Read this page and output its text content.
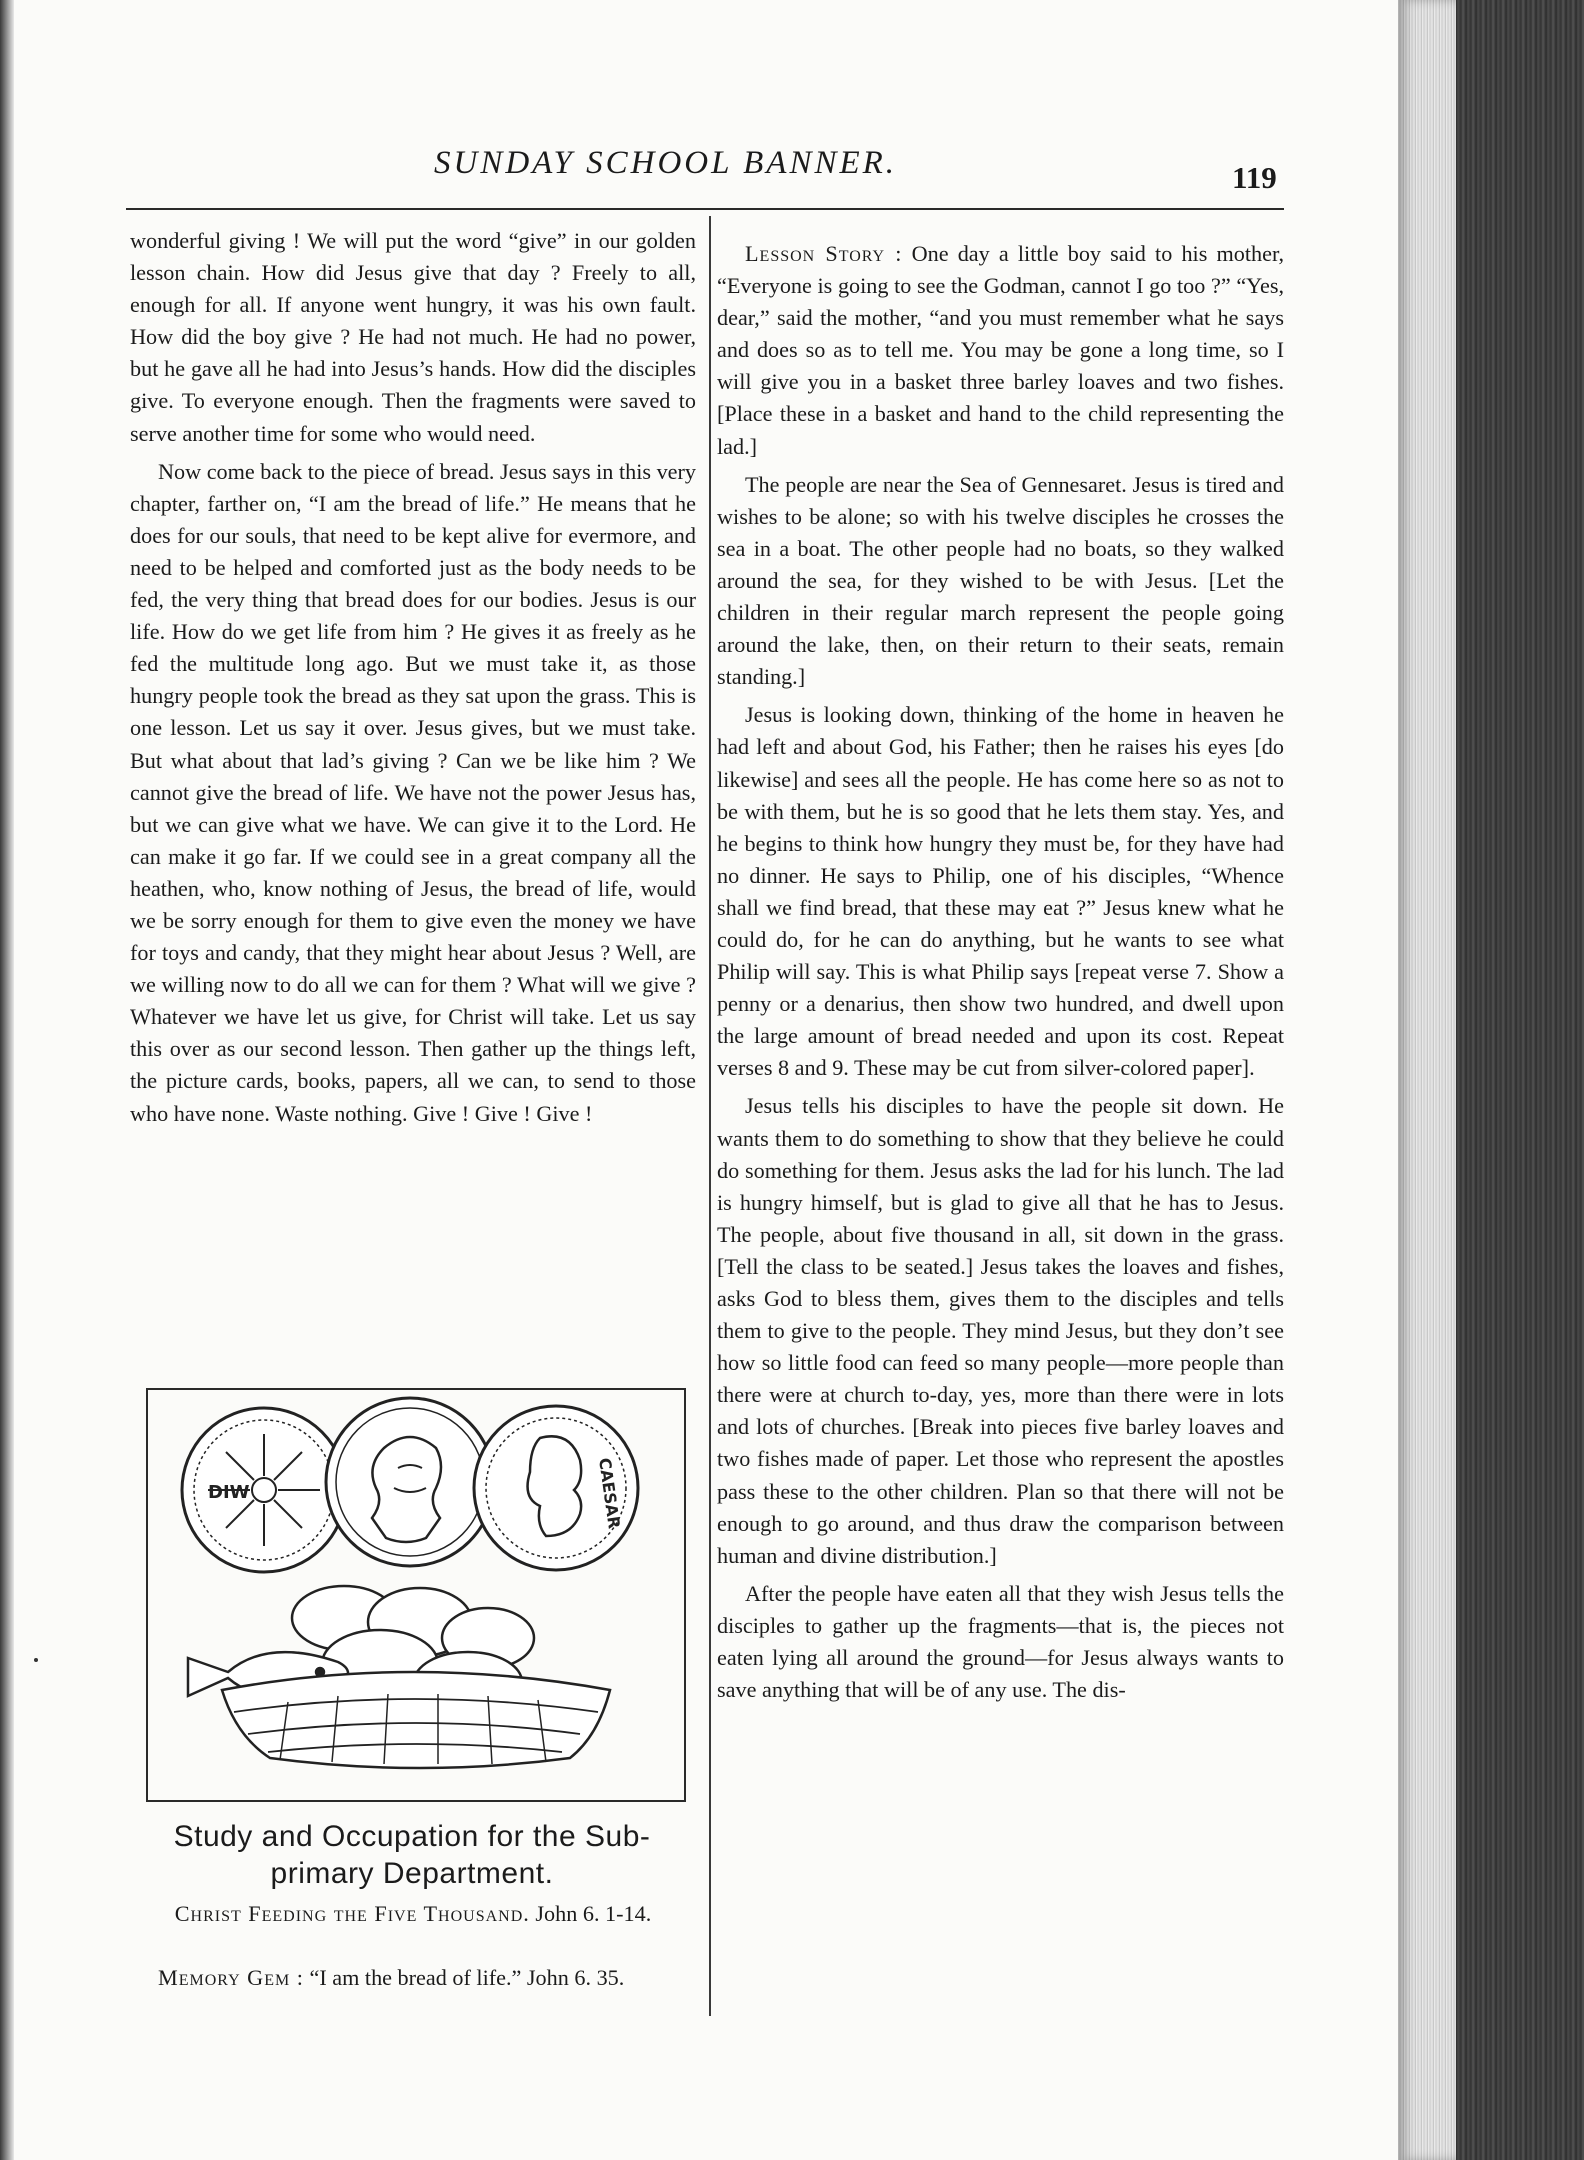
SUNDAY SCHOOL BANNER.	119

wonderful giving ! We will put the word “give” in our golden lesson chain. How did Jesus give that day ? Freely to all, enough for all. If anyone went hungry, it was his own fault. How did the boy give ? He had not much. He had no power, but he gave all he had into Jesus’s hands. How did the disciples give. To everyone enough. Then the fragments were saved to serve another time for some who would need.

Now come back to the piece of bread. Jesus says in this very chapter, farther on, “I am the bread of life.” He means that he does for our souls, that need to be kept alive for evermore, and need to be helped and comforted just as the body needs to be fed, the very thing that bread does for our bodies. Jesus is our life. How do we get life from him ? He gives it as freely as he fed the multitude long ago. But we must take it, as those hungry people took the bread as they sat upon the grass. This is one lesson. Let us say it over. Jesus gives, but we must take. But what about that lad’s giving ? Can we be like him ? We cannot give the bread of life. We have not the power Jesus has, but we can give what we have. We can give it to the Lord. He can make it go far. If we could see in a great company all the heathen, who, know nothing of Jesus, the bread of life, would we be sorry enough for them to give even the money we have for toys and candy, that they might hear about Jesus ? Well, are we willing now to do all we can for them ? What will we give ? Whatever we have let us give, for Christ will take. Let us say this over as our second lesson. Then gather up the things left, the picture cards, books, papers, all we can, to send to those who have none. Waste nothing. Give ! Give ! Give !

DIW	CAESAR
Study and Occupation for the Sub-
primary Department.
Christ Feeding the Five Thousand. John 6. 1-14.
Memory Gem : “I am the bread of life.” John 6. 35.

Lesson Story : One day a little boy said to his mother, “Everyone is going to see the Godman, cannot I go too ?” “Yes, dear,” said the mother, “and you must remember what he says and does so as to tell me. You may be gone a long time, so I will give you in a basket three barley loaves and two fishes. [Place these in a basket and hand to the child representing the lad.]

The people are near the Sea of Gennesaret. Jesus is tired and wishes to be alone; so with his twelve disciples he crosses the sea in a boat. The other people had no boats, so they walked around the sea, for they wished to be with Jesus. [Let the children in their regular march represent the people going around the lake, then, on their return to their seats, remain standing.]

Jesus is looking down, thinking of the home in heaven he had left and about God, his Father; then he raises his eyes [do likewise] and sees all the people. He has come here so as not to be with them, but he is so good that he lets them stay. Yes, and he begins to think how hungry they must be, for they have had no dinner. He says to Philip, one of his disciples, “Whence shall we find bread, that these may eat ?” Jesus knew what he could do, for he can do anything, but he wants to see what Philip will say. This is what Philip says [repeat verse 7. Show a penny or a denarius, then show two hundred, and dwell upon the large amount of bread needed and upon its cost. Repeat verses 8 and 9. These may be cut from silver-colored paper].

Jesus tells his disciples to have the people sit down. He wants them to do something to show that they believe he could do something for them. Jesus asks the lad for his lunch. The lad is hungry himself, but is glad to give all that he has to Jesus. The people, about five thousand in all, sit down in the grass. [Tell the class to be seated.] Jesus takes the loaves and fishes, asks God to bless them, gives them to the disciples and tells them to give to the people. They mind Jesus, but they don’t see how so little food can feed so many people—more people than there were at church to-day, yes, more than there were in lots and lots of churches. [Break into pieces five barley loaves and two fishes made of paper. Let those who represent the apostles pass these to the other children. Plan so that there will not be enough to go around, and thus draw the comparison between human and divine distribution.]

After the people have eaten all that they wish Jesus tells the disciples to gather up the fragments—that is, the pieces not eaten lying all around the ground—for Jesus always wants to save anything that will be of any use. The dis-
